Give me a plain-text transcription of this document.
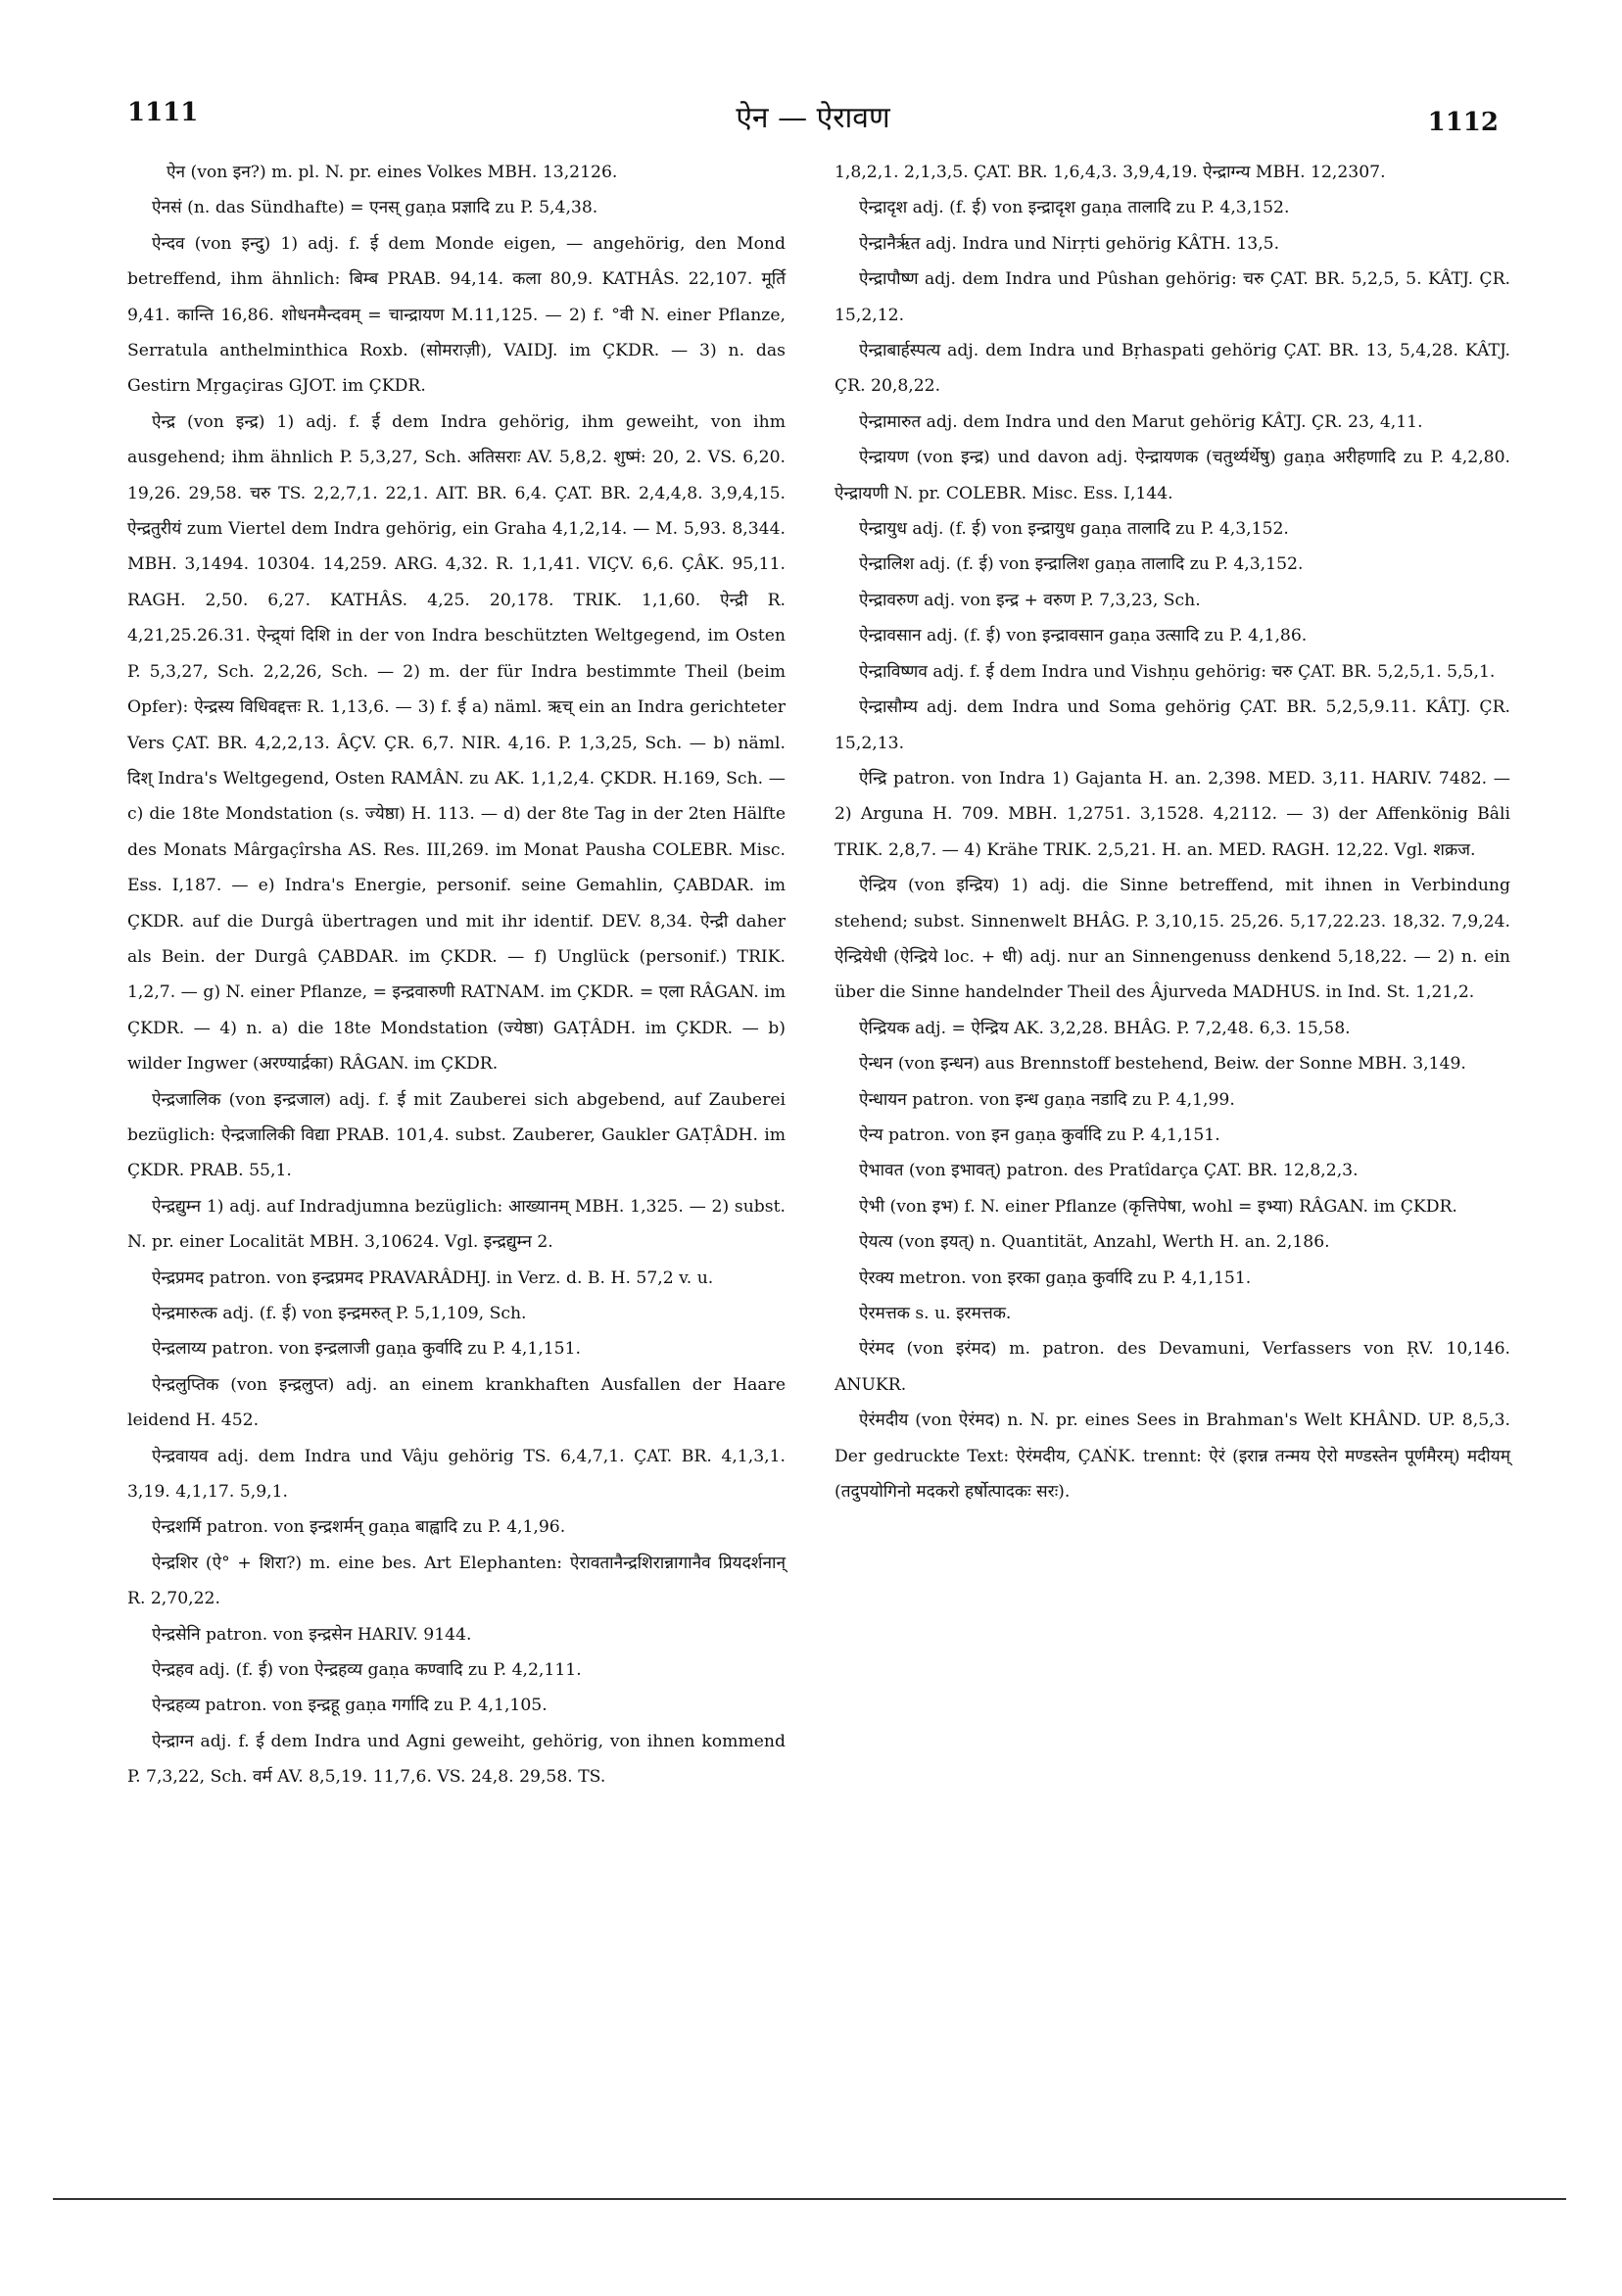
1111	ऐन — ऐरावण	1112

ऐन (von इन?) m. pl. N. pr. eines Volkes MBH. 13,2126.

ऐनसं (n. das Sündhafte) = एनस् gaṇa प्रज्ञादि zu P. 5,4,38.

ऐन्दव (von इन्दु) 1) adj. f. ई dem Monde eigen, — angehörig, den Mond betreffend, ihm ähnlich: बिम्ब PRAB. 94,14. कला 80,9. KATHÂS. 22,107. मूर्ति 9,41. कान्ति 16,86. शोधनमैन्दवम् = चान्द्रायण M.11,125. — 2) f. °वी N. einer Pflanze, Serratula anthelminthica Roxb. (सोमराज़ी), VAIDJ. im ÇKDR. — 3) n. das Gestirn Mṛgaçiras GJOT. im ÇKDR.

ऐन्द्र (von इन्द्र) 1) adj. f. ई dem Indra gehörig, ihm geweiht, von ihm ausgehend; ihm ähnlich P. 5,3,27, Sch. अतिसराः AV. 5,8,2. शुष्मं: 20, 2. VS. 6,20. 19,26. 29,58. चरु TS. 2,2,7,1. 22,1. AIT. BR. 6,4. ÇAT. BR. 2,4,4,8. 3,9,4,15. ऐन्द्रतुरीयं zum Viertel dem Indra gehörig, ein Graha 4,1,2,14. — M. 5,93. 8,344. MBH. 3,1494. 10304. 14,259. ARG. 4,32. R. 1,1,41. VIÇV. 6,6. ÇÂK. 95,11. RAGH. 2,50. 6,27. KATHÂS. 4,25. 20,178. TRIK. 1,1,60. ऐन्द्री R. 4,21,25.26.31. ऐन्द्र्यां दिशि in der von Indra beschützten Weltgegend, im Osten P. 5,3,27, Sch. 2,2,26, Sch. — 2) m. der für Indra bestimmte Theil (beim Opfer): ऐन्द्रस्य विधिवद्दत्तः R. 1,13,6. — 3) f. ई a) näml. ऋच् ein an Indra gerichteter Vers ÇAT. BR. 4,2,2,13. ÂÇV. ÇR. 6,7. NIR. 4,16. P. 1,3,25, Sch. — b) näml. दिश् Indra's Weltgegend, Osten RAMÂN. zu AK. 1,1,2,4. ÇKDR. H.169, Sch. — c) die 18te Mondstation (s. ज्येष्ठा) H. 113. — d) der 8te Tag in der 2ten Hälfte des Monats Mârgaçîrsha AS. Res. III,269. im Monat Pausha COLEBR. Misc. Ess. I,187. — e) Indra's Energie, personif. seine Gemahlin, ÇABDAR. im ÇKDR. auf die Durgâ übertragen und mit ihr identif. DEV. 8,34. ऐन्द्री daher als Bein. der Durgâ ÇABDAR. im ÇKDR. — f) Unglück (personif.) TRIK. 1,2,7. — g) N. einer Pflanze, = इन्द्रवारुणी RATNAM. im ÇKDR. = एला RÂGAN. im ÇKDR. — 4) n. a) die 18te Mondstation (ज्येष्ठा) GAṬÂDH. im ÇKDR. — b) wilder Ingwer (अरण्यार्द्रका) RÂGAN. im ÇKDR.

ऐन्द्रजालिक (von इन्द्रजाल) adj. f. ई mit Zauberei sich abgebend, auf Zauberei bezüglich: ऐन्द्रजालिकी विद्या PRAB. 101,4. subst. Zauberer, Gaukler GAṬÂDH. im ÇKDR. PRAB. 55,1.

ऐन्द्रद्युम्न 1) adj. auf Indradjumna bezüglich: आख्यानम् MBH. 1,325. — 2) subst. N. pr. einer Localität MBH. 3,10624. Vgl. इन्द्रद्युम्न 2.

ऐन्द्रप्रमद patron. von इन्द्रप्रमद PRAVARÂDHJ. in Verz. d. B. H. 57,2 v. u.

ऐन्द्रमारुत्क adj. (f. ई) von इन्द्रमरुत् P. 5,1,109, Sch.

ऐन्द्रलाय्य patron. von इन्द्रलाजी gaṇa कुर्वादि zu P. 4,1,151.

ऐन्द्रलुप्तिक (von इन्द्रलुप्त) adj. an einem krankhaften Ausfallen der Haare leidend H. 452.

ऐन्द्रवायव adj. dem Indra und Vâju gehörig TS. 6,4,7,1. ÇAT. BR. 4,1,3,1. 3,19. 4,1,17. 5,9,1.

ऐन्द्रशर्मि patron. von इन्द्रशर्मन् gaṇa बाह्वादि zu P. 4,1,96.

ऐन्द्रशिर (ऐ° + शिरा?) m. eine bes. Art Elephanten: ऐरावतानैन्द्रशिरान्नागानैव प्रियदर्शनान् R. 2,70,22.

ऐन्द्रसेनि patron. von इन्द्रसेन HARIV. 9144.

ऐन्द्रहव adj. (f. ई) von ऐन्द्रहव्य gaṇa कण्वादि zu P. 4,2,111.

ऐन्द्रहव्य patron. von इन्द्रहू gaṇa गर्गादि zu P. 4,1,105.

ऐन्द्राग्न adj. f. ई dem Indra und Agni geweiht, gehörig, von ihnen kommend P. 7,3,22, Sch. वर्म AV. 8,5,19. 11,7,6. VS. 24,8. 29,58. TS.

1,8,2,1. 2,1,3,5. ÇAT. BR. 1,6,4,3. 3,9,4,19. ऐन्द्राग्न्य MBH. 12,2307.

ऐन्द्रादृश adj. (f. ई) von इन्द्रादृश gaṇa तालादि zu P. 4,3,152.

ऐन्द्रानैर्ऋत adj. Indra und Nirṛti gehörig KÂTH. 13,5.

ऐन्द्रापौष्ण adj. dem Indra und Pûshan gehörig: चरु ÇAT. BR. 5,2,5, 5. KÂTJ. ÇR. 15,2,12.

ऐन्द्राबार्हस्पत्य adj. dem Indra und Bṛhaspati gehörig ÇAT. BR. 13, 5,4,28. KÂTJ. ÇR. 20,8,22.

ऐन्द्रामारुत adj. dem Indra und den Marut gehörig KÂTJ. ÇR. 23, 4,11.

ऐन्द्रायण (von इन्द्र) und davon adj. ऐन्द्रायणक (चतुर्थ्यर्थेषु) gaṇa अरीहणादि zu P. 4,2,80. ऐन्द्रायणी N. pr. COLEBR. Misc. Ess. I,144.

ऐन्द्रायुध adj. (f. ई) von इन्द्रायुध gaṇa तालादि zu P. 4,3,152.

ऐन्द्रालिश adj. (f. ई) von इन्द्रालिश gaṇa तालादि zu P. 4,3,152.

ऐन्द्रावरुण adj. von इन्द्र + वरुण P. 7,3,23, Sch.

ऐन्द्रावसान adj. (f. ई) von इन्द्रावसान gaṇa उत्सादि zu P. 4,1,86.

ऐन्द्राविष्णव adj. f. ई dem Indra und Vishṇu gehörig: चरु ÇAT. BR. 5,2,5,1. 5,5,1.

ऐन्द्रासौम्य adj. dem Indra und Soma gehörig ÇAT. BR. 5,2,5,9.11. KÂTJ. ÇR. 15,2,13.

ऐन्द्रि patron. von Indra 1) Gajanta H. an. 2,398. MED. 3,11. HARIV. 7482. — 2) Arguna H. 709. MBH. 1,2751. 3,1528. 4,2112. — 3) der Affenkönig Bâli TRIK. 2,8,7. — 4) Krähe TRIK. 2,5,21. H. an. MED. RAGH. 12,22. Vgl. शक्रज.

ऐन्द्रिय (von इन्द्रिय) 1) adj. die Sinne betreffend, mit ihnen in Verbindung stehend; subst. Sinnenwelt BHÂG. P. 3,10,15. 25,26. 5,17,22.23. 18,32. 7,9,24. ऐन्द्रियेधी (ऐन्द्रिये loc. + धी) adj. nur an Sinnengenuss denkend 5,18,22. — 2) n. ein über die Sinne handelnder Theil des Âjurveda MADHUS. in Ind. St. 1,21,2.

ऐन्द्रियक adj. = ऐन्द्रिय AK. 3,2,28. BHÂG. P. 7,2,48. 6,3. 15,58.

ऐन्धन (von इन्धन) aus Brennstoff bestehend, Beiw. der Sonne MBH. 3,149.

ऐन्धायन patron. von इन्ध gaṇa नडादि zu P. 4,1,99.

ऐन्य patron. von इन gaṇa कुर्वादि zu P. 4,1,151.

ऐभावत (von इभावत्) patron. des Pratîdarça ÇAT. BR. 12,8,2,3.

ऐभी (von इभ) f. N. einer Pflanze (कृत्तिपेषा, wohl = इभ्या) RÂGAN. im ÇKDR.

ऐयत्य (von इयत्) n. Quantität, Anzahl, Werth H. an. 2,186.

ऐरक्य metron. von इरका gaṇa कुर्वादि zu P. 4,1,151.

ऐरमत्तक s. u. इरमत्तक.

ऐरंमद (von इरंमद) m. patron. des Devamuni, Verfassers von ṚV. 10,146. ANUKR.

ऐरंमदीय (von ऐरंमद) n. N. pr. eines Sees in Brahman's Welt KHÂND. UP. 8,5,3. Der gedruckte Text: ऐरंमदीय, ÇAṄK. trennt: ऐरं (इरान्न तन्मय ऐरो मण्डस्तेन पूर्णमैरम्) मदीयम् (तदुपयोगिनो मदकरो हर्षोत्पादकः सरः).
